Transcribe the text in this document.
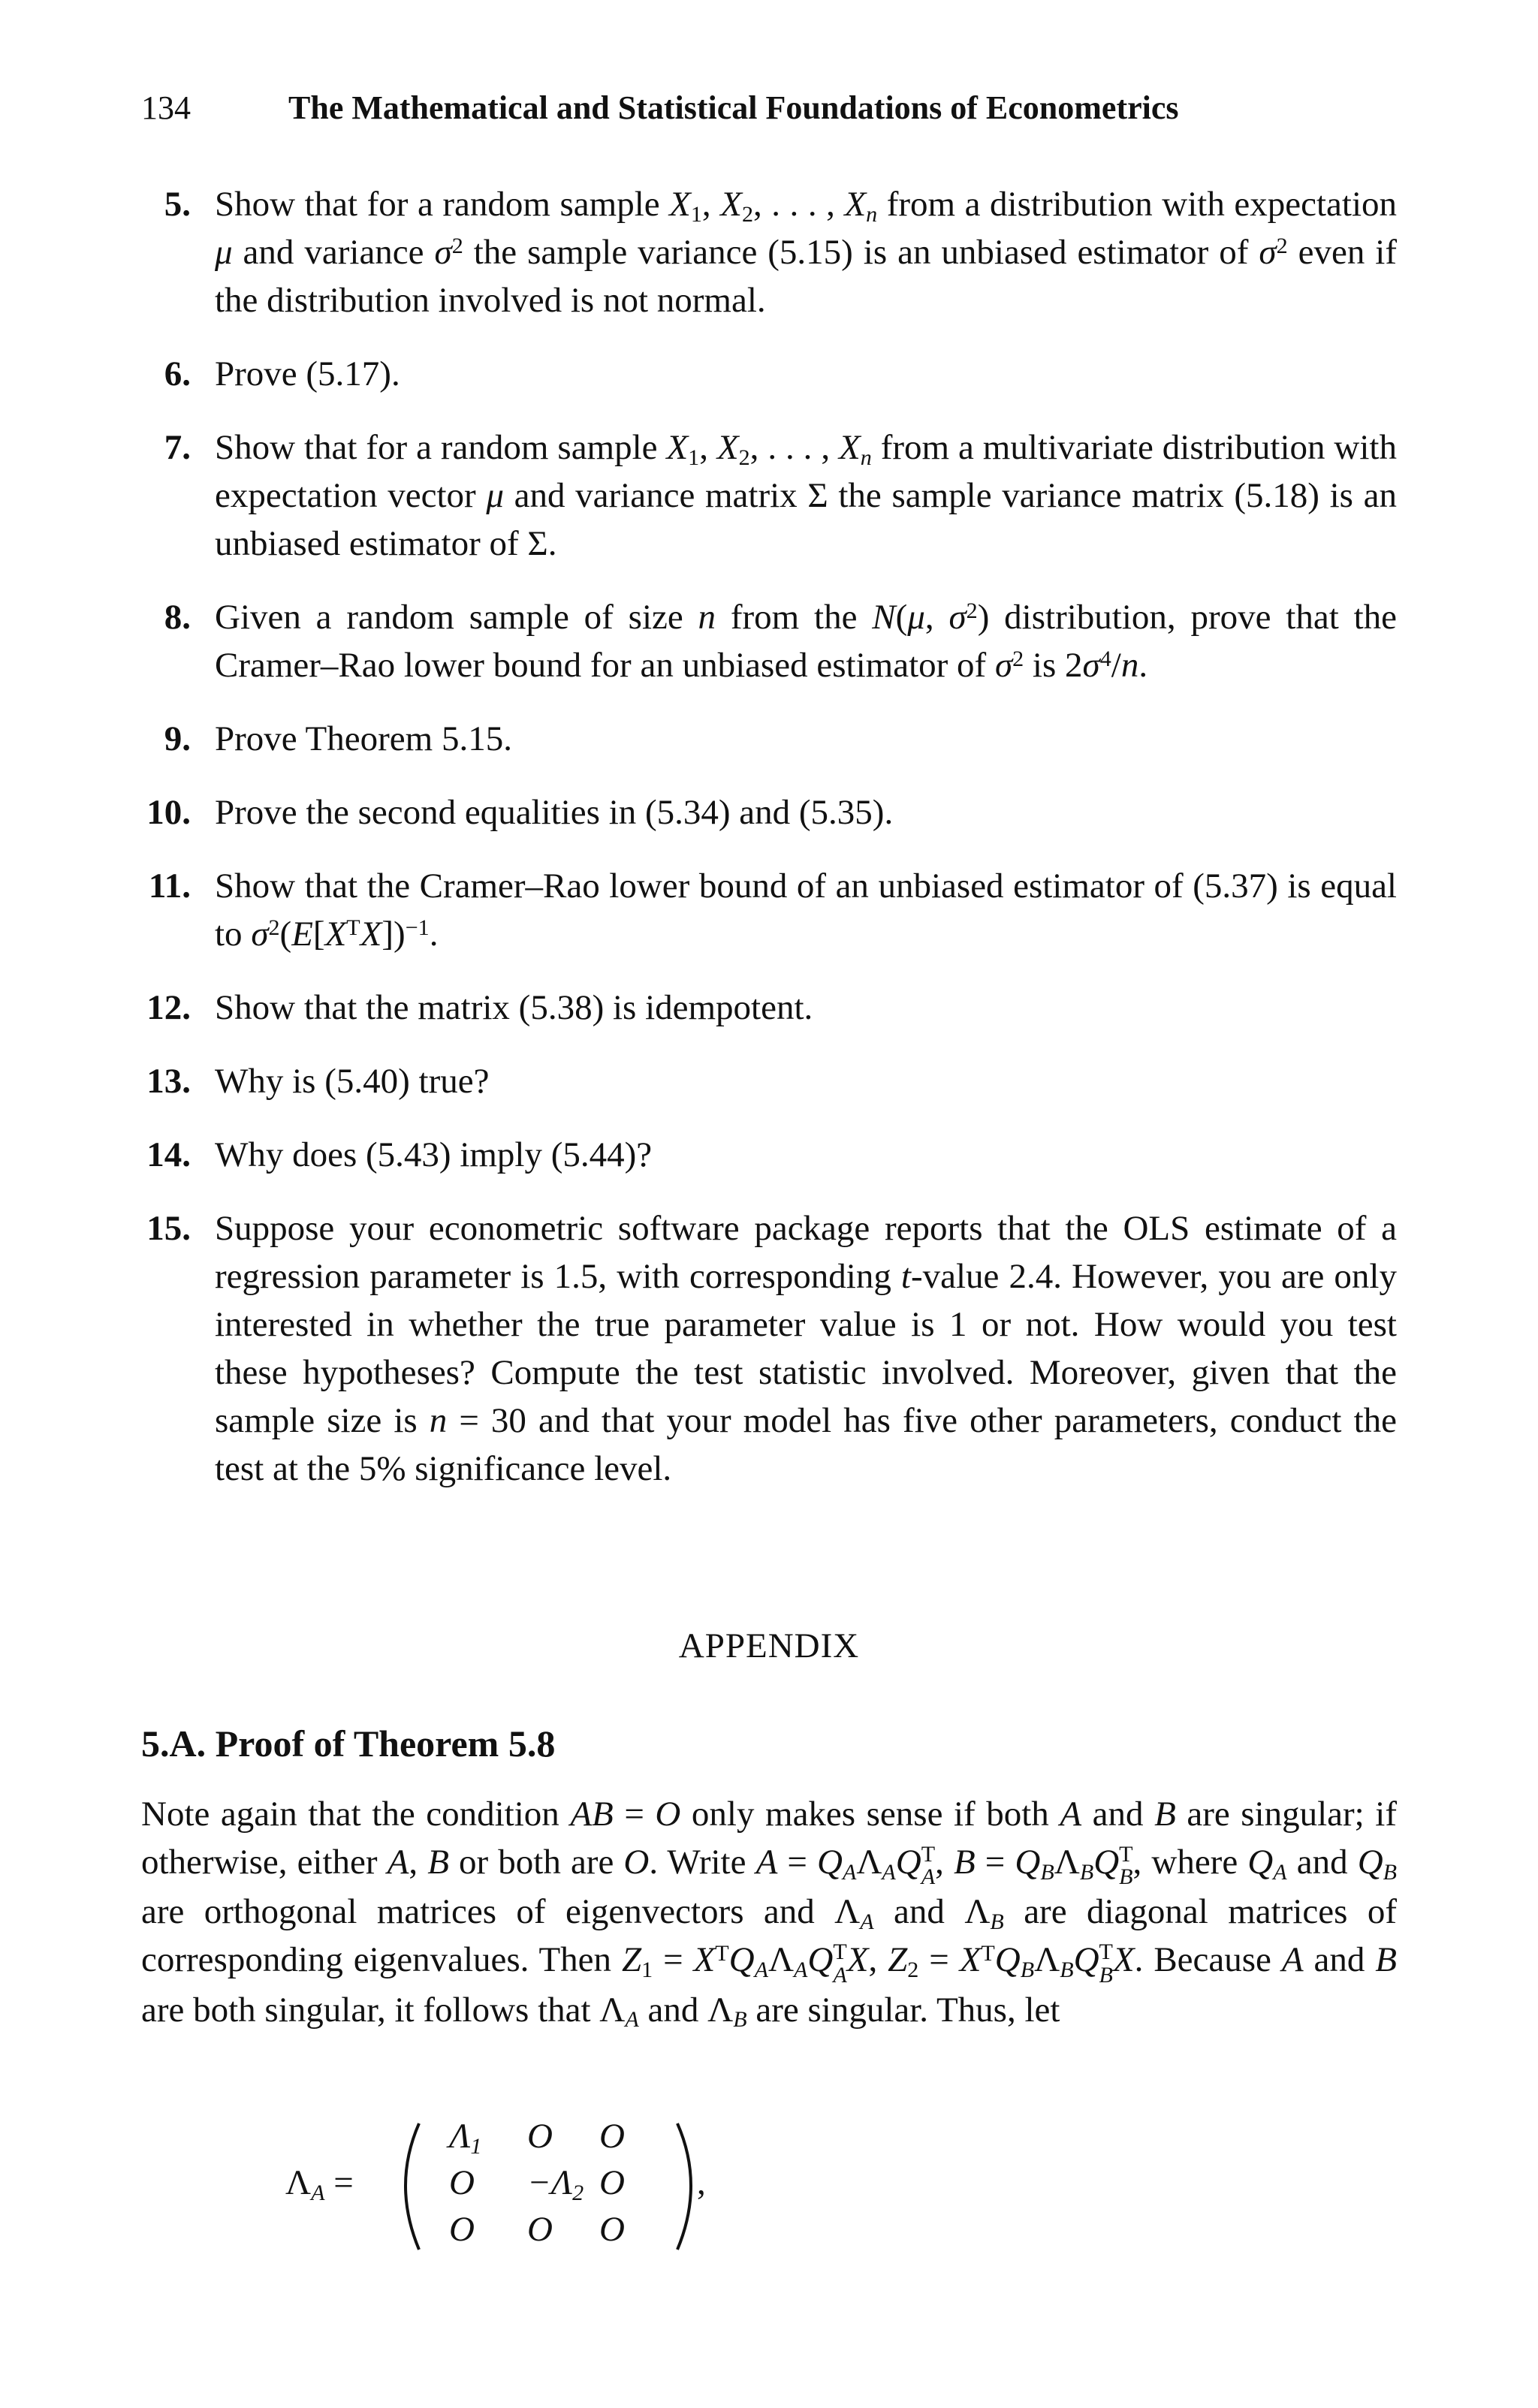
134	The Mathematical and Statistical Foundations of Econometrics
5. Show that for a random sample $X_1$, $X_2$, . . . , $X_n$ from a distribution with expectation μ and variance $\sigma^2$ the sample variance (5.15) is an unbiased estimator of $\sigma^2$ even if the distribution involved is not normal.
6. Prove (5.17).
7. Show that for a random sample $X_1$, $X_2$, . . . , $X_n$ from a multivariate distribution with expectation vector μ and variance matrix Σ the sample variance matrix (5.18) is an unbiased estimator of Σ.
8. Given a random sample of size n from the N(μ, $\sigma^2$) distribution, prove that the Cramer–Rao lower bound for an unbiased estimator of $\sigma^2$ is $2\sigma^4/n$.
9. Prove Theorem 5.15.
10. Prove the second equalities in (5.34) and (5.35).
11. Show that the Cramer–Rao lower bound of an unbiased estimator of (5.37) is equal to $\sigma^2(E[X^TX])^{-1}$.
12. Show that the matrix (5.38) is idempotent.
13. Why is (5.40) true?
14. Why does (5.43) imply (5.44)?
15. Suppose your econometric software package reports that the OLS estimate of a regression parameter is 1.5, with corresponding t-value 2.4. However, you are only interested in whether the true parameter value is 1 or not. How would you test these hypotheses? Compute the test statistic involved. Moreover, given that the sample size is n = 30 and that your model has five other parameters, conduct the test at the 5% significance level.
APPENDIX
5.A. Proof of Theorem 5.8
Note again that the condition AB = O only makes sense if both A and B are singular; if otherwise, either A, B or both are O. Write $A = Q_A\Lambda_AQ$ T
A , $B = Q_B\Lambda_BQ$ T
B , where $Q_A$ and $Q_B$ are orthogonal matrices of eigenvectors and $\Lambda_A$ and $\Lambda_B$ are diagonal matrices of corresponding eigenvalues. Then $Z_1 = X^TQ_A\Lambda_AQ$ T
A X, $Z_2 = X^TQ_B\Lambda_BQ$ T
B X. Because A and B are both singular, it follows that $\Lambda_A$ and $\Lambda_B$ are singular. Thus, let
$\Lambda_A$ =
$\Lambda_1$ O O
$O -\Lambda_2$ O
O O O
,
